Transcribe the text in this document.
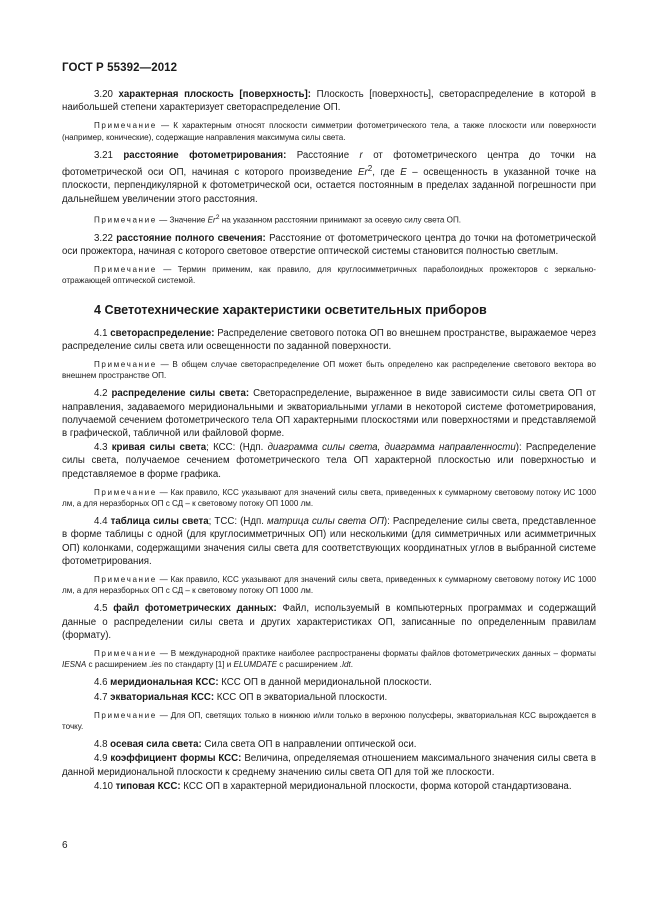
ГОСТ Р 55392—2012

3.20 характерная плоскость [поверхность]: Плоскость [поверхность], светораспределение в которой в наибольшей степени характеризует светораспределение ОП.

Примечание — К характерным относят плоскости симметрии фотометрического тела, а также плоскости или поверхности (например, конические), содержащие направления максимума силы света.

3.21 расстояние фотометрирования: Расстояние r от фотометрического центра до точки на фотометрической оси ОП, начиная с которого произведение Er$^2$, где E – освещенность в указанной точке на плоскости, перпендикулярной к фотометрической оси, остается постоянным в пределах заданной погрешности при дальнейшем увеличении этого расстояния.

Примечание — Значение Er$^2$ на указанном расстоянии принимают за осевую силу света ОП.

3.22 расстояние полного свечения: Расстояние от фотометрического центра до точки на фотометрической оси прожектора, начиная с которого световое отверстие оптической системы становится полностью светлым.

Примечание — Термин применим, как правило, для круглосимметричных параболоидных прожекторов с зеркально-отражающей оптической системой.

4 Светотехнические характеристики осветительных приборов

4.1 светораспределение: Распределение светового потока ОП во внешнем пространстве, выражаемое через распределение силы света или освещенности по заданной поверхности.

Примечание — В общем случае светораспределение ОП может быть определено как распределение светового вектора во внешнем пространстве ОП.

4.2 распределение силы света: Светораспределение, выраженное в виде зависимости силы света ОП от направления, задаваемого меридиональными и экваториальными углами в некоторой системе фотометрирования, получаемой сечением фотометрического тела ОП характерными плоскостями или поверхностями и представляемой в графической, табличной или файловой форме.

4.3 кривая силы света; КСС: (Ндп. диаграмма силы света, диаграмма направленности): Распределение силы света, получаемое сечением фотометрического тела ОП характерной плоскостью или поверхностью и представляемое в форме графика.

Примечание — Как правило, КСС указывают для значений силы света, приведенных к суммарному световому потоку ИС 1000 лм, а для неразборных ОП с СД – к световому потоку ОП 1000 лм.

4.4 таблица силы света; ТСС: (Ндп. матрица силы света ОП): Распределение силы света, представленное в форме таблицы с одной (для круглосимметричных ОП) или несколькими (для симметричных или асимметричных ОП) колонками, содержащими значения силы света для соответствующих координатных углов в выбранной системе фотометрирования.

Примечание — Как правило, КСС указывают для значений силы света, приведенных к суммарному световому потоку ИС 1000 лм, а для неразборных ОП с СД – к световому потоку ОП 1000 лм.

4.5 файл фотометрических данных: Файл, используемый в компьютерных программах и содержащий данные о распределении силы света и других характеристиках ОП, записанные по определенным правилам (формату).

Примечание — В международной практике наиболее распространены форматы файлов фотометрических данных – форматы IESNA с расширением .ies по стандарту [1] и ELUMDATE с расширением .ldt.

4.6 меридиональная КСС: КСС ОП в данной меридиональной плоскости.

4.7 экваториальная КСС: КСС ОП в экваториальной плоскости.

Примечание — Для ОП, светящих только в нижнюю и/или только в верхнюю полусферы, экваториальная КСС вырождается в точку.

4.8 осевая сила света: Сила света ОП в направлении оптической оси.

4.9 коэффициент формы КСС: Величина, определяемая отношением максимального значения силы света в данной меридиональной плоскости к среднему значению силы света ОП для той же плоскости.

4.10 типовая КСС: КСС ОП в характерной меридиональной плоскости, форма которой стандартизована.

6
